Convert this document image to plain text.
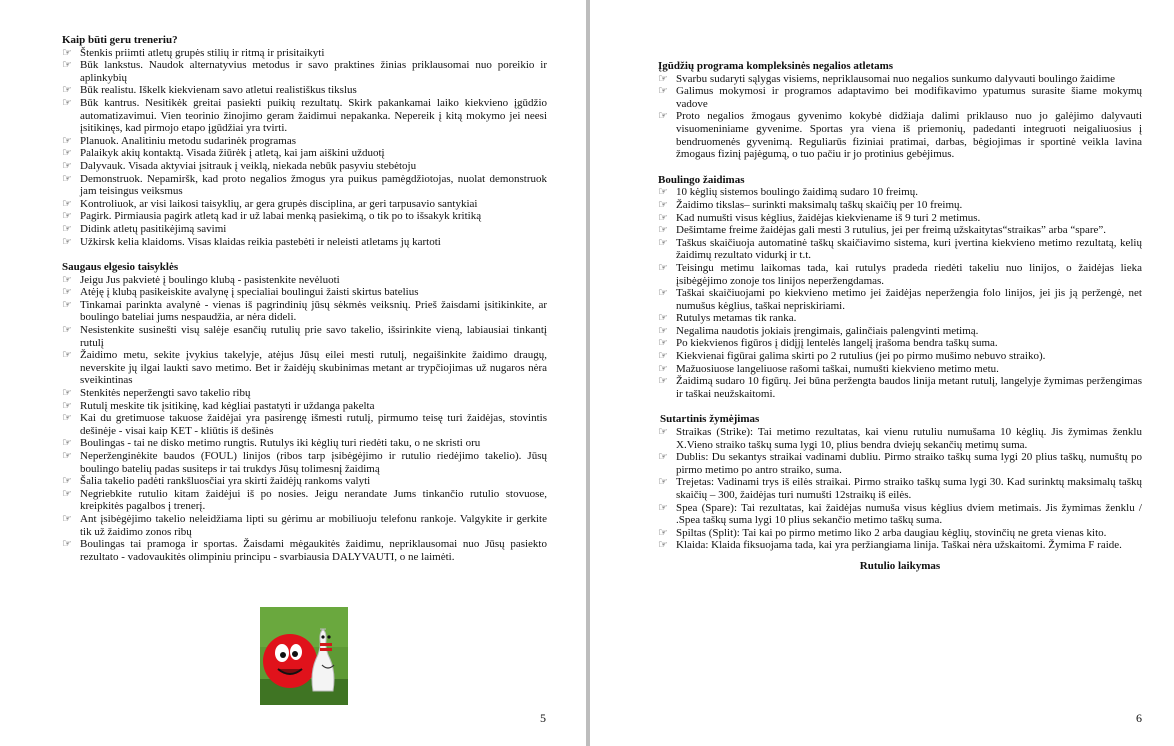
Kaip būti geru treneriu?

☞ Štenkis priimti atletų grupės stilių ir ritmą ir prisitaikyti
☞ Būk lankstus. Naudok alternatyvius metodus ir savo praktines žinias priklausomai nuo poreikio ir aplinkybių
☞ Būk realistu. Iškelk kiekvienam savo atletui realistiškus tikslus
☞ Būk kantrus. Nesitikėk greitai pasiekti puikių rezultatų. Skirk pakankamai laiko kiekvieno įgūdžio automatizavimui. Vien teorinio žinojimo geram žaidimui nepakanka. Nepereik į kitą mokymo jei neesi įsitikinęs, kad pirmojo etapo įgūdžiai yra tvirti.
☞ Planuok. Analitiniu metodu sudarinėk programas
☞ Palaikyk akių kontaktą. Visada žiūrėk į atletą, kai jam aiškini užduotį
☞ Dalyvauk. Visada aktyviai įsitrauk į veiklą, niekada nebūk pasyviu stebėtoju
☞ Demonstruok. Nepamiršk, kad proto negalios žmogus yra puikus pamėgdžiotojas, nuolat demonstruok jam teisingus veiksmus
☞ Kontroliuok, ar visi laikosi taisyklių, ar gera grupės disciplina, ar geri tarpusavio santykiai
☞ Pagirk. Pirmiausia pagirk atletą kad ir už labai menką pasiekimą, o tik po to išsakyk kritiką
☞ Didink atletų pasitikėjimą savimi
☞ Užkirsk kelia klaidoms. Visas klaidas reikia pastebėti ir neleisti atletams jų kartoti

Saugaus elgesio taisyklės

☞ Jeigu Jus pakvietė į boulingo klubą - pasistenkite nevėluoti
☞ Atėję į klubą pasikeiskite avalynę į specialiai boulingui žaisti skirtus batelius
☞ Tinkamai parinkta avalynė - vienas iš pagrindinių jūsų sėkmės veiksnių. Prieš žaisdami įsitikinkite, ar boulingo bateliai jums nespaudžia, ar nėra dideli.
☞ Nesistenkite susinešti visų salėje esančių rutulių prie savo takelio, išsirinkite vieną, labiausiai tinkantį rutulį
☞ Žaidimo metu, sekite įvykius takelyje, atėjus Jūsų eilei mesti rutulį, negaišinkite žaidimo draugų, neverskite jų ilgai laukti savo metimo. Bet ir žaidėjų skubinimas metant ar trypčiojimas už nugaros nėra sveikintinas
☞ Stenkitės neperžengti savo takelio ribų
☞ Rutulį meskite tik įsitikinę, kad kėgliai pastatyti ir uždanga pakelta
☞ Kai du gretimuose takuose žaidėjai yra pasirengę išmesti rutulį, pirmumo teisę turi žaidėjas, stovintis dešinėje - visai kaip KET - kliūtis iš dešinės
☞ Boulingas - tai ne disko metimo rungtis. Rutulys iki kėglių turi riedėti taku, o ne skristi oru
☞ Neperženginėkite baudos (FOUL) linijos (ribos tarp įsibėgėjimo ir rutulio riedėjimo takelio). Jūsų boulingo batelių padas susiteps ir tai trukdys Jūsų tolimesnį žaidimą
☞ Šalia takelio padėti rankšluosčiai yra skirti žaidėjų rankoms valyti
☞ Negriebkite rutulio kitam žaidėjui iš po nosies. Jeigu nerandate Jums tinkančio rutulio stovuose, kreipkitės pagalbos į trenerį.
☞ Ant įsibėgėjimo takelio neleidžiama lipti su gėrimu ar mobiliuoju telefonu rankoje. Valgykite ir gerkite tik už žaidimo zonos ribų
☞ Boulingas tai pramoga ir sportas. Žaisdami mėgaukitės žaidimu, nepriklausomai nuo Jūsų pasiekto rezultato - vadovaukitės olimpiniu principu - svarbiausia DALYVAUTI, o ne laimėti.
5

Įgūdžių programa kompleksinės negalios atletams

☞ Svarbu sudaryti sąlygas visiems, nepriklausomai nuo negalios sunkumo dalyvauti boulingo žaidime
☞ Galimus mokymosi ir programos adaptavimo bei modifikavimo ypatumus surasite šiame mokymų vadove
☞ Proto negalios žmogaus gyvenimo kokybė didžiaja dalimi priklauso nuo jo galėjimo dalyvauti visuomeniniame gyvenime. Sportas yra viena iš priemonių, padedanti integruoti neigaliuosius į bendruomenės gyvenimą. Reguliarūs fiziniai pratimai, darbas, bėgiojimas ir sportinė veikla lavina žmogaus fizinį pajėgumą, o tuo pačiu ir jo protinius gebėjimus.

Boulingo žaidimas

☞ 10 kėglių sistemos boulingo žaidimą sudaro 10 freimų.
☞ Žaidimo tikslas– surinkti maksimalų taškų skaičių per 10 freimų.
☞ Kad numušti visus kėglius, žaidėjas kiekviename iš 9 turi 2 metimus.
☞ Dešimtame freime žaidėjas gali mesti 3 rutulius, jei per freimą užskaitytas“straikas” arba “spare”.
☞ Taškus skaičiuoja automatinė taškų skaičiavimo sistema, kuri įvertina kiekvieno metimo rezultatą, kelių žaidimų rezultato vidurkį ir t.t.
☞ Teisingu metimu laikomas tada, kai rutulys pradeda riedėti takeliu nuo linijos, o žaidėjas lieka įsibėgėjimo zonoje tos linijos neperžengdamas.
☞ Taškai skaičiuojami po kiekvieno metimo jei žaidėjas neperžengia folo linijos, jei jis ją peržengė, net numušus kėglius, taškai nepriskiriami.
☞ Rutulys metamas tik ranka.
☞ Negalima naudotis jokiais įrengimais, galinčiais palengvinti metimą.
☞ Po kiekvienos figūros į didįjį lentelės langelį įrašoma bendra taškų suma.
☞ Kiekvienai figūrai galima skirti po 2 rutulius (jei po pirmo mušimo nebuvo straiko).
☞ Mažuosiuose langeliuose rašomi taškai, numušti kiekvieno metimo metu.
☞ Žaidimą sudaro 10 figūrų. Jei būna peržengta baudos linija metant rutulį, langelyje žymimas peržengimas ir taškai neužskaitomi.

Sutartinis žymėjimas

☞ Straikas (Strike): Tai metimo rezultatas, kai vienu rutuliu numušama 10 kėglių. Jis žymimas ženklu X.Vieno straiko taškų suma lygi 10, plius bendra dviejų sekančių metimų suma.
☞ Dublis: Du sekantys straikai vadinami dubliu. Pirmo straiko taškų suma lygi 20 plius taškų, numuštų po pirmo metimo po antro straiko, suma.
☞ Trejetas: Vadinami trys iš eilės straikai. Pirmo straiko taškų suma lygi 30. Kad surinktų maksimalų taškų skaičių – 300, žaidėjas turi numušti 12straikų iš eilės.
☞ Spea (Spare): Tai rezultatas, kai žaidėjas numuša visus kėglius dviem metimais. Jis žymimas ženklu / .Spea taškų suma lygi 10 plius sekančio metimo taškų suma.
☞ Spiltas (Split): Tai kai po pirmo metimo liko 2 arba daugiau kėglių, stovinčių ne greta vienas kito.
☞ Klaida: Klaida fiksuojama tada, kai yra peržiangiama linija. Taškai nėra užskaitomi. Žymima F raide.

Rutulio laikymas

6
